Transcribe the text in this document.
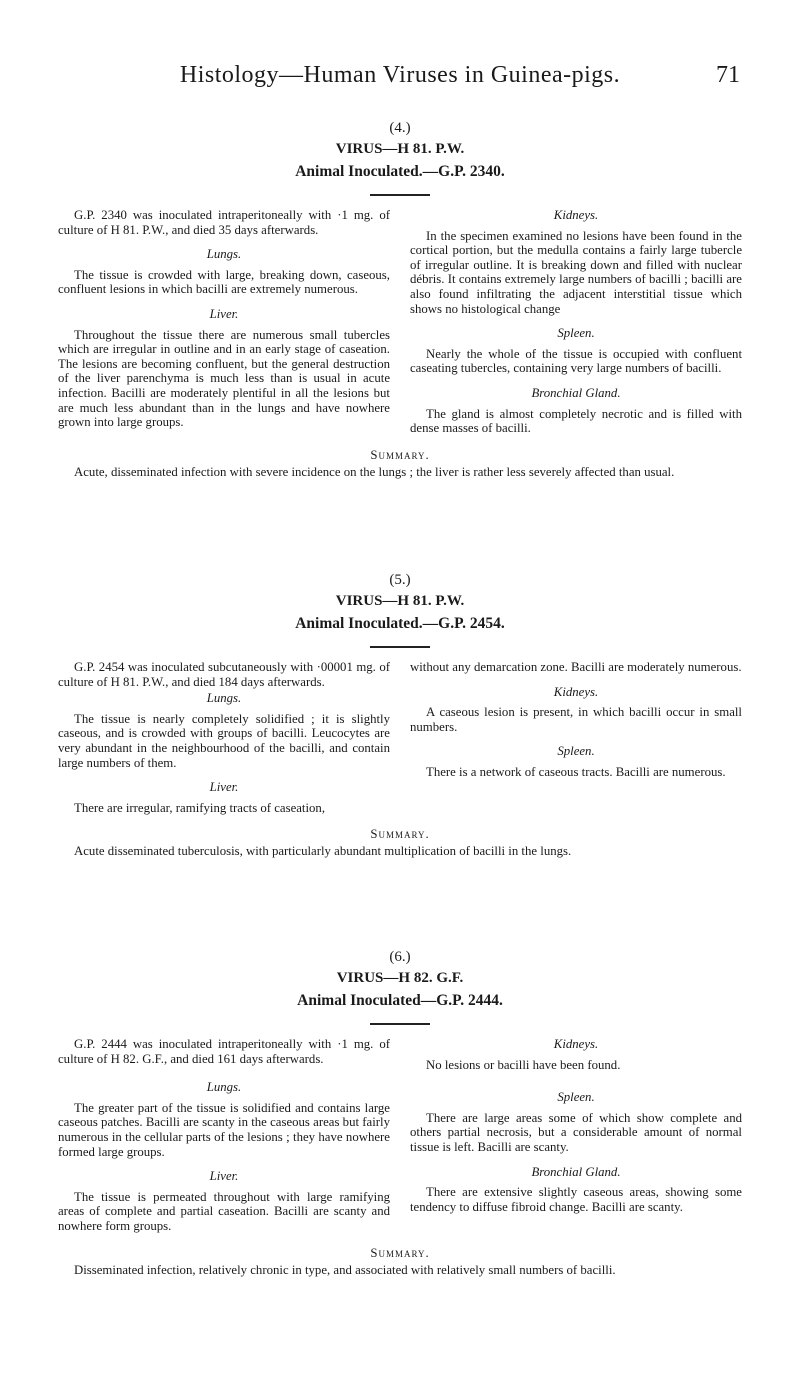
Histology—Human Viruses in Guinea-pigs.	71
(4.)
VIRUS—H 81. P.W.
Animal Inoculated.—G.P. 2340.

G.P. 2340 was inoculated intraperitoneally with ·1 mg. of culture of H 81. P.W., and died 35 days afterwards.

Lungs.

The tissue is crowded with large, breaking down, caseous, confluent lesions in which bacilli are extremely numerous.

Liver.

Throughout the tissue there are numerous small tubercles which are irregular in outline and in an early stage of caseation. The lesions are becoming confluent, but the general destruction of the liver parenchyma is much less than is usual in acute infection. Bacilli are moderately plentiful in all the lesions but are much less abundant than in the lungs and have nowhere grown into large groups.

Kidneys.

In the specimen examined no lesions have been found in the cortical portion, but the medulla contains a fairly large tubercle of irregular outline. It is breaking down and filled with nuclear débris. It contains extremely large numbers of bacilli ; bacilli are also found infiltrating the adjacent interstitial tissue which shows no histological change

Spleen.

Nearly the whole of the tissue is occupied with confluent caseating tubercles, containing very large numbers of bacilli.

Bronchial Gland.

The gland is almost completely necrotic and is filled with dense masses of bacilli.

Summary.

Acute, disseminated infection with severe incidence on the lungs ; the liver is rather less severely affected than usual.

(5.)
VIRUS—H 81. P.W.
Animal Inoculated.—G.P. 2454.

G.P. 2454 was inoculated subcutaneously with ·00001 mg. of culture of H 81. P.W., and died 184 days afterwards.

Lungs.

The tissue is nearly completely solidified ; it is slightly caseous, and is crowded with groups of bacilli. Leucocytes are very abundant in the neighbourhood of the bacilli, and contain large numbers of them.

Liver.

There are irregular, ramifying tracts of caseation,

without any demarcation zone. Bacilli are moderately numerous.

Kidneys.

A caseous lesion is present, in which bacilli occur in small numbers.

Spleen.

There is a network of caseous tracts. Bacilli are numerous.

Summary.

Acute disseminated tuberculosis, with particularly abundant multiplication of bacilli in the lungs.

(6.)
VIRUS—H 82. G.F.
Animal Inoculated—G.P. 2444.

G.P. 2444 was inoculated intraperitoneally with ·1 mg. of culture of H 82. G.F., and died 161 days afterwards.

Lungs.

The greater part of the tissue is solidified and contains large caseous patches. Bacilli are scanty in the caseous areas but fairly numerous in the cellular parts of the lesions ; they have nowhere formed large groups.

Liver.

The tissue is permeated throughout with large ramifying areas of complete and partial caseation. Bacilli are scanty and nowhere form groups.

Kidneys.

No lesions or bacilli have been found.

Spleen.

There are large areas some of which show complete and others partial necrosis, but a considerable amount of normal tissue is left. Bacilli are scanty.

Bronchial Gland.

There are extensive slightly caseous areas, showing some tendency to diffuse fibroid change. Bacilli are scanty.

Summary.

Disseminated infection, relatively chronic in type, and associated with relatively small numbers of bacilli.
